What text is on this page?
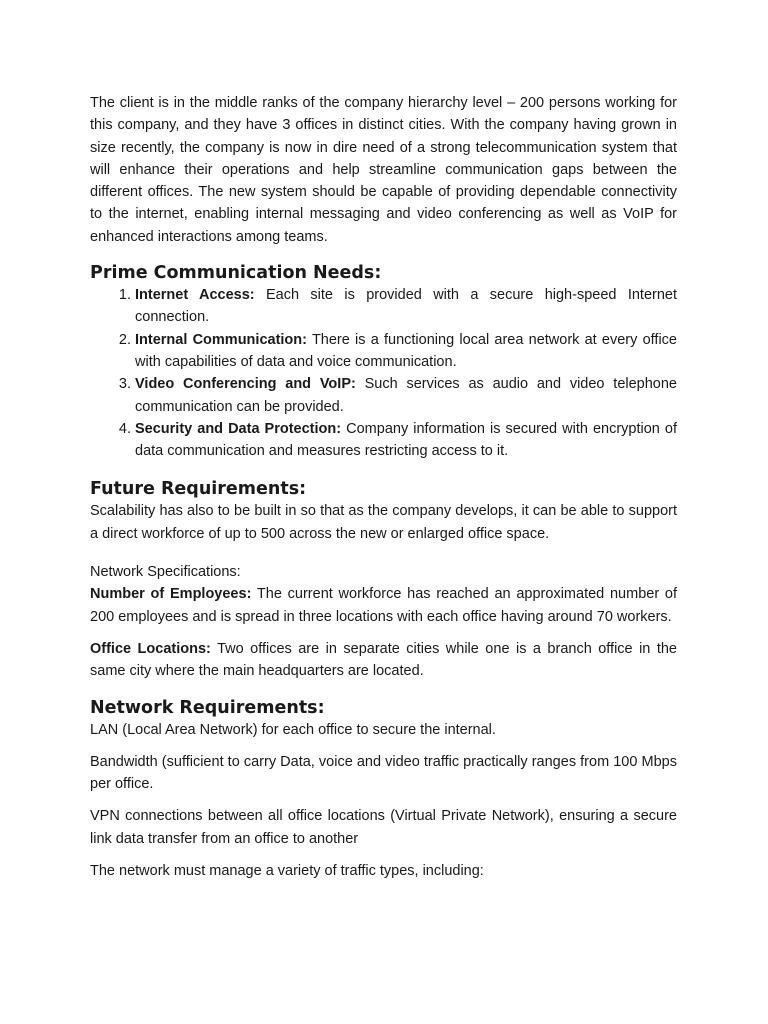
The client is in the middle ranks of the company hierarchy level – 200 persons working for this company, and they have 3 offices in distinct cities. With the company having grown in size recently, the company is now in dire need of a strong telecommunication system that will enhance their operations and help streamline communication gaps between the different offices. The new system should be capable of providing dependable connectivity to the internet, enabling internal messaging and video conferencing as well as VoIP for enhanced interactions among teams.

Prime Communication Needs:
1. Internet Access: Each site is provided with a secure high-speed Internet connection.
2. Internal Communication: There is a functioning local area network at every office with capabilities of data and voice communication.
3. Video Conferencing and VoIP: Such services as audio and video telephone communication can be provided.
4. Security and Data Protection: Company information is secured with encryption of data communication and measures restricting access to it.
Future Requirements:

Scalability has also to be built in so that as the company develops, it can be able to support a direct workforce of up to 500 across the new or enlarged office space.

Network Specifications:

Number of Employees: The current workforce has reached an approximated number of 200 employees and is spread in three locations with each office having around 70 workers.

Office Locations: Two offices are in separate cities while one is a branch office in the same city where the main headquarters are located.

Network Requirements:

LAN (Local Area Network) for each office to secure the internal.

Bandwidth (sufficient to carry Data, voice and video traffic practically ranges from 100 Mbps per office.

VPN connections between all office locations (Virtual Private Network), ensuring a secure link data transfer from an office to another

The network must manage a variety of traffic types, including:
